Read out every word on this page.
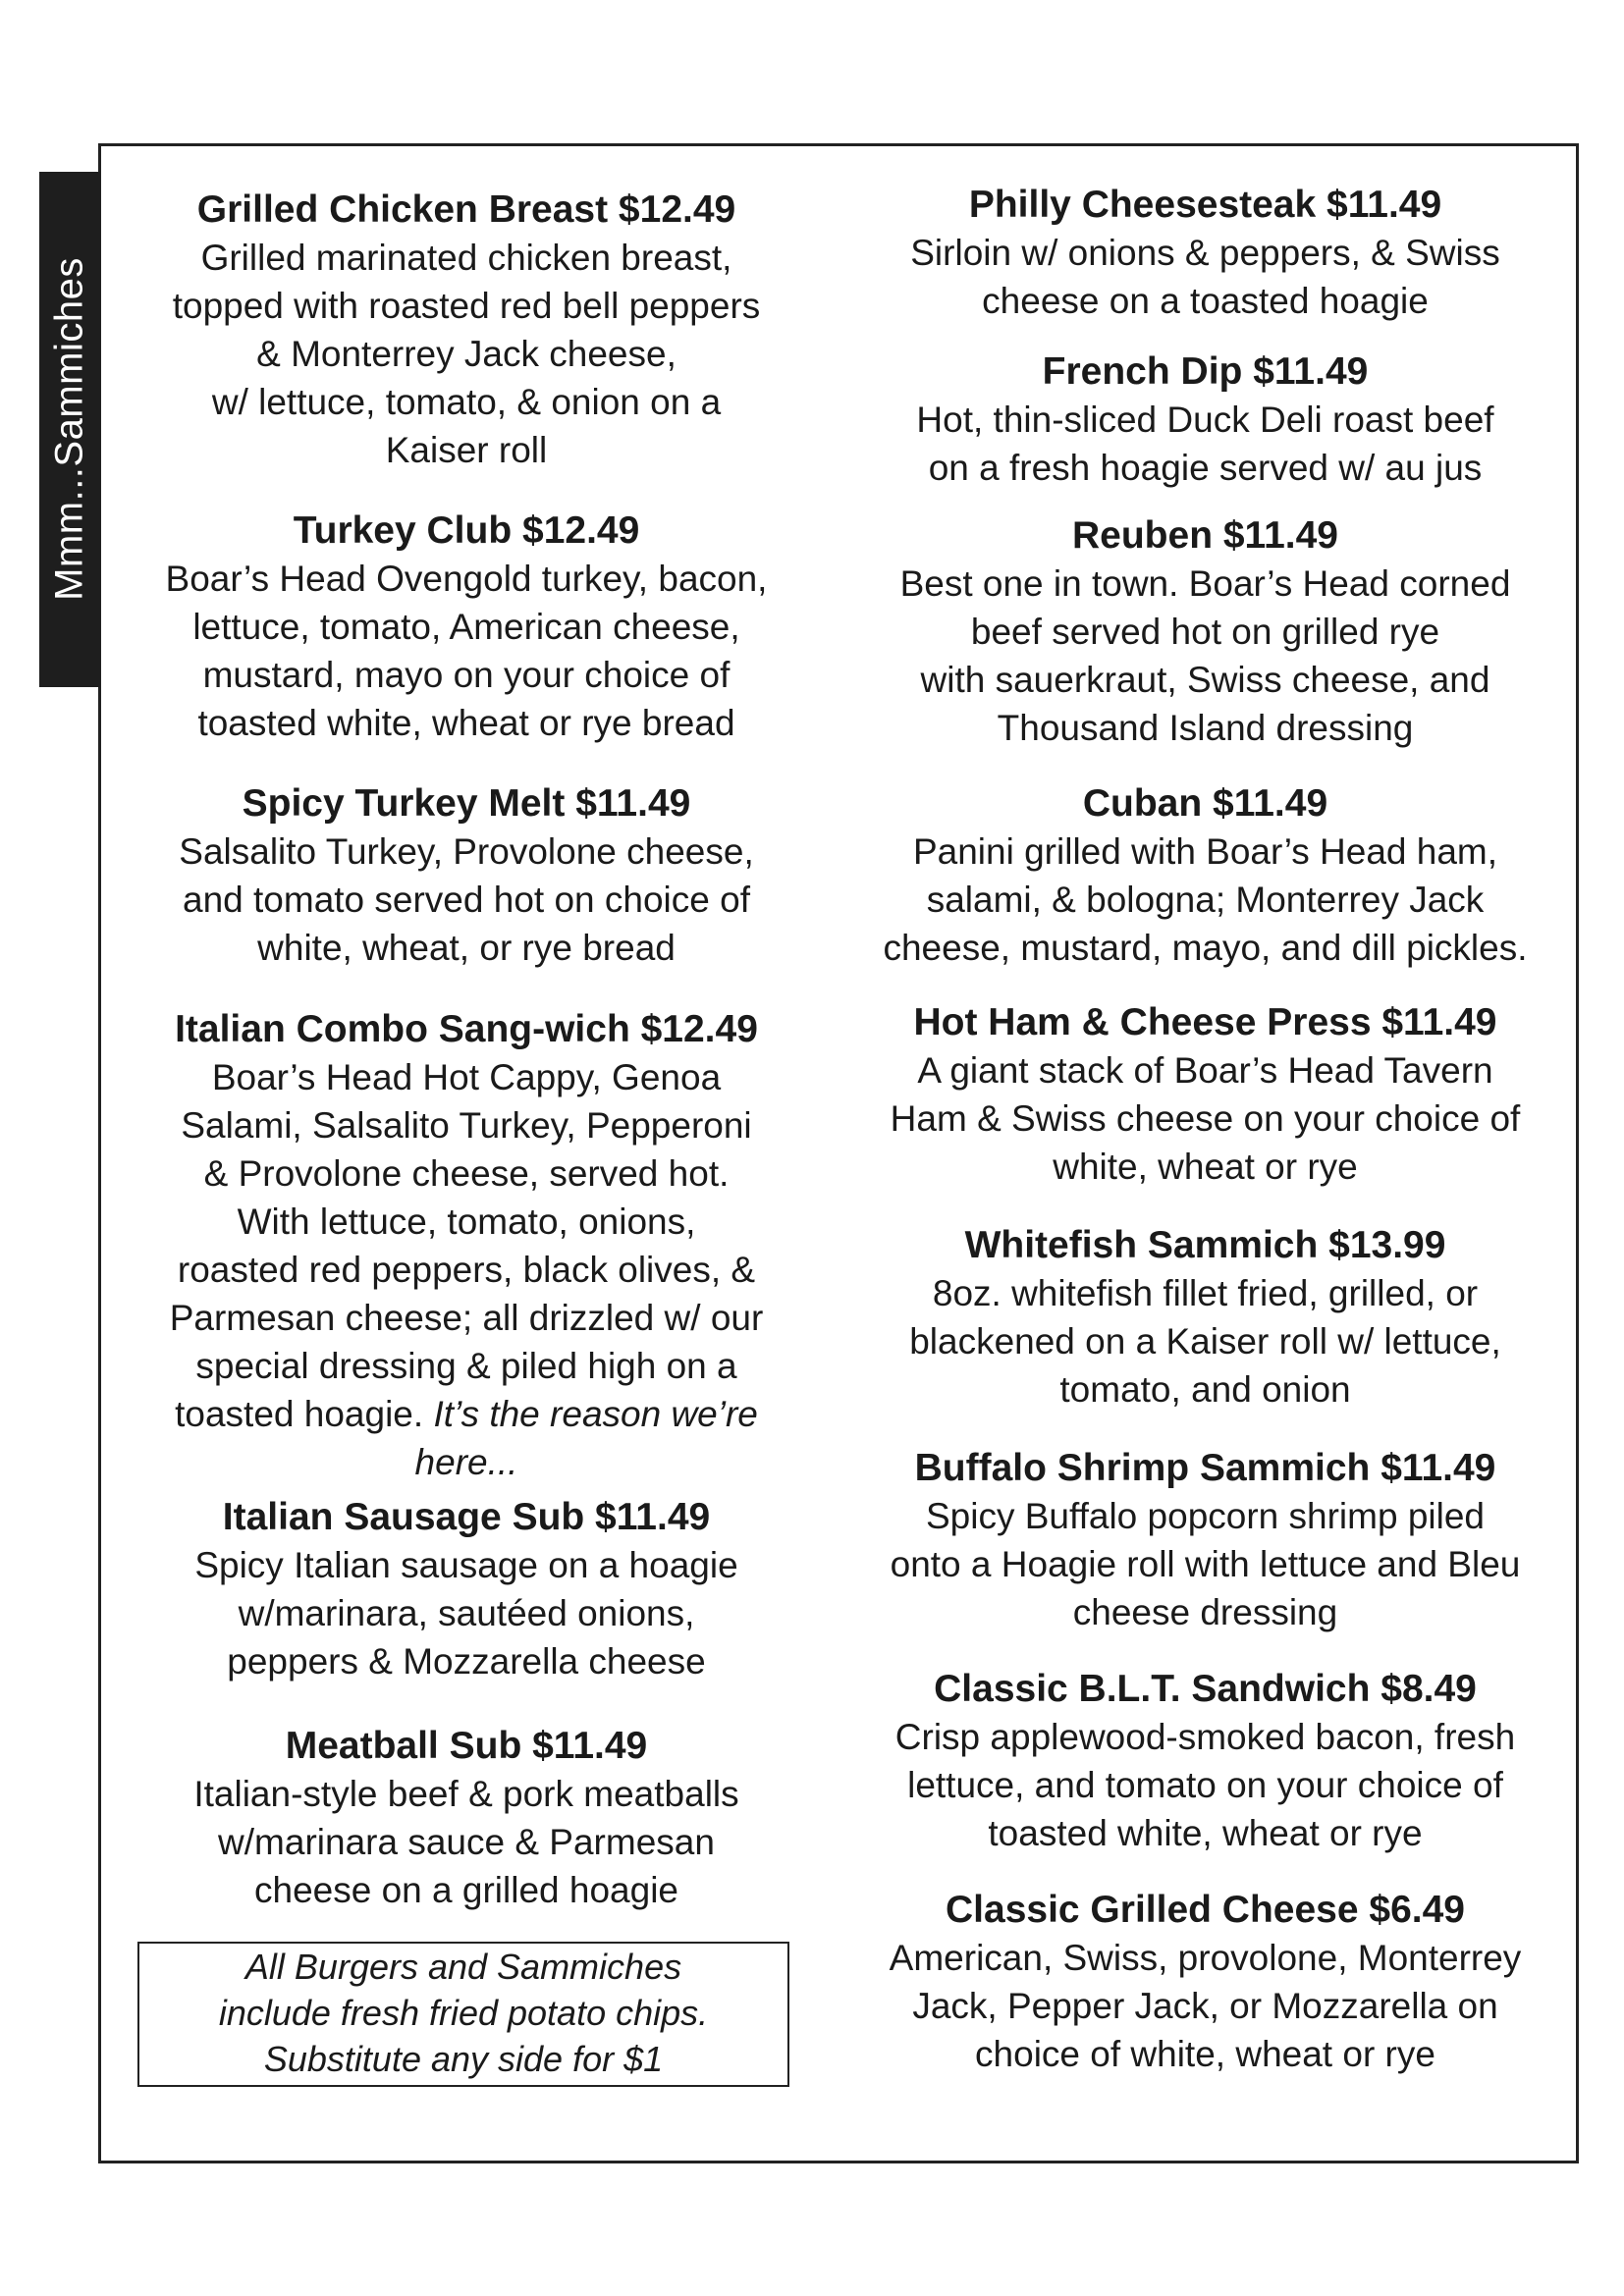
Mmm...Sammiches
Grilled Chicken Breast $12.49
Grilled marinated chicken breast,
topped with roasted red bell peppers
& Monterrey Jack cheese,
w/ lettuce, tomato, & onion on a
Kaiser roll
Turkey Club $12.49
Boar’s Head Ovengold turkey, bacon,
lettuce, tomato, American cheese,
mustard, mayo on your choice of
toasted white, wheat or rye bread
Spicy Turkey Melt $11.49
Salsalito Turkey, Provolone cheese,
and tomato served hot on choice of
white, wheat, or rye bread
Italian Combo Sang-wich $12.49
Boar’s Head Hot Cappy, Genoa
Salami, Salsalito Turkey, Pepperoni
& Provolone cheese, served hot.
With lettuce, tomato, onions,
roasted red peppers, black olives, &
Parmesan cheese; all drizzled w/ our
special dressing & piled high on a
toasted hoagie. It’s the reason we’re
here...
Italian Sausage Sub $11.49
Spicy Italian sausage on a hoagie
w/marinara, sautéed onions,
peppers & Mozzarella cheese
Meatball Sub $11.49
Italian-style beef & pork meatballs
w/marinara sauce & Parmesan
cheese on a grilled hoagie
All Burgers and Sammiches
include fresh fried potato chips.
Substitute any side for $1
Philly Cheesesteak $11.49
Sirloin w/ onions & peppers, & Swiss
cheese on a toasted hoagie
French Dip $11.49
Hot, thin-sliced Duck Deli roast beef
on a fresh hoagie served w/ au jus
Reuben $11.49
Best one in town. Boar’s Head corned
beef served hot on grilled rye
with sauerkraut, Swiss cheese, and
Thousand Island dressing
Cuban $11.49
Panini grilled with Boar’s Head ham,
salami, & bologna; Monterrey Jack
cheese, mustard, mayo, and dill pickles.
Hot Ham & Cheese Press $11.49
A giant stack of Boar’s Head Tavern
Ham & Swiss cheese on your choice of
white, wheat or rye
Whitefish Sammich $13.99
8oz. whitefish fillet fried, grilled, or
blackened on a Kaiser roll w/ lettuce,
tomato, and onion
Buffalo Shrimp Sammich $11.49
Spicy Buffalo popcorn shrimp piled
onto a Hoagie roll with lettuce and Bleu
cheese dressing
Classic B.L.T. Sandwich $8.49
Crisp applewood-smoked bacon, fresh
lettuce, and tomato on your choice of
toasted white, wheat or rye
Classic Grilled Cheese $6.49
American, Swiss, provolone, Monterrey
Jack, Pepper Jack, or Mozzarella on
choice of white, wheat or rye
